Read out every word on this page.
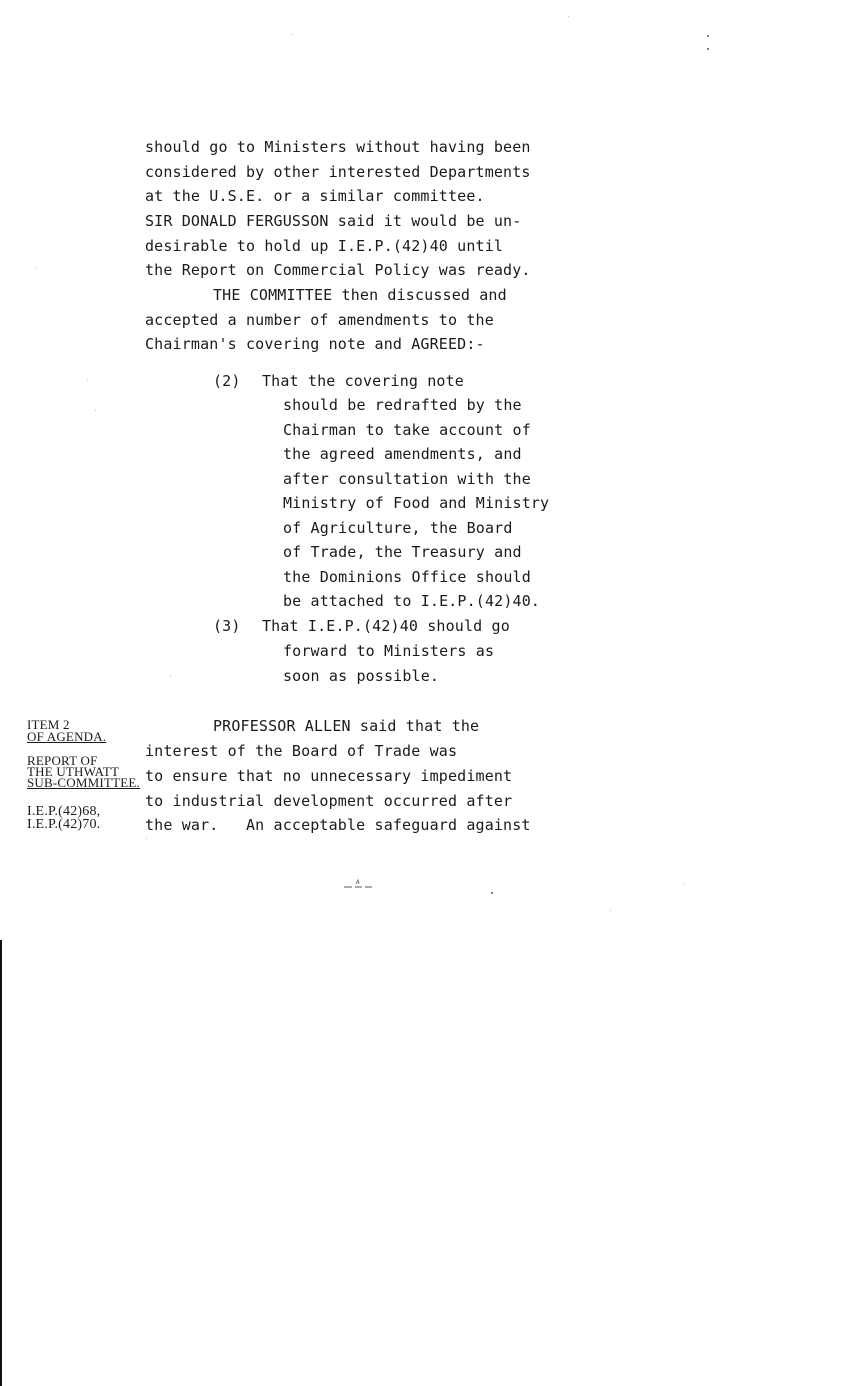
should go to Ministers without having been
considered by other interested Departments
at the U.S.E. or a similar committee.
SIR DONALD FERGUSSON said it would be un-
desirable to hold up I.E.P.(42)40 until
the Report on Commercial Policy was ready.
THE COMMITTEE then discussed and
accepted a number of amendments to the
Chairman's covering note and AGREED:-
(2) That the covering note
should be redrafted by the
Chairman to take account of
the agreed amendments, and
after consultation with the
Ministry of Food and Ministry
of Agriculture, the Board
of Trade, the Treasury and
the Dominions Office should
be attached to I.E.P.(42)40.
(3) That I.E.P.(42)40 should go
forward to Ministers as
soon as possible.
ITEM 2
OF AGENDA.
REPORT OF
THE UTHWATT
SUB-COMMITTEE.
I.E.P.(42)68,
I.E.P.(42)70.
PROFESSOR ALLEN said that the
interest of the Board of Trade was
to ensure that no unnecessary impediment
to industrial development occurred after
the war.   An acceptable safeguard against
